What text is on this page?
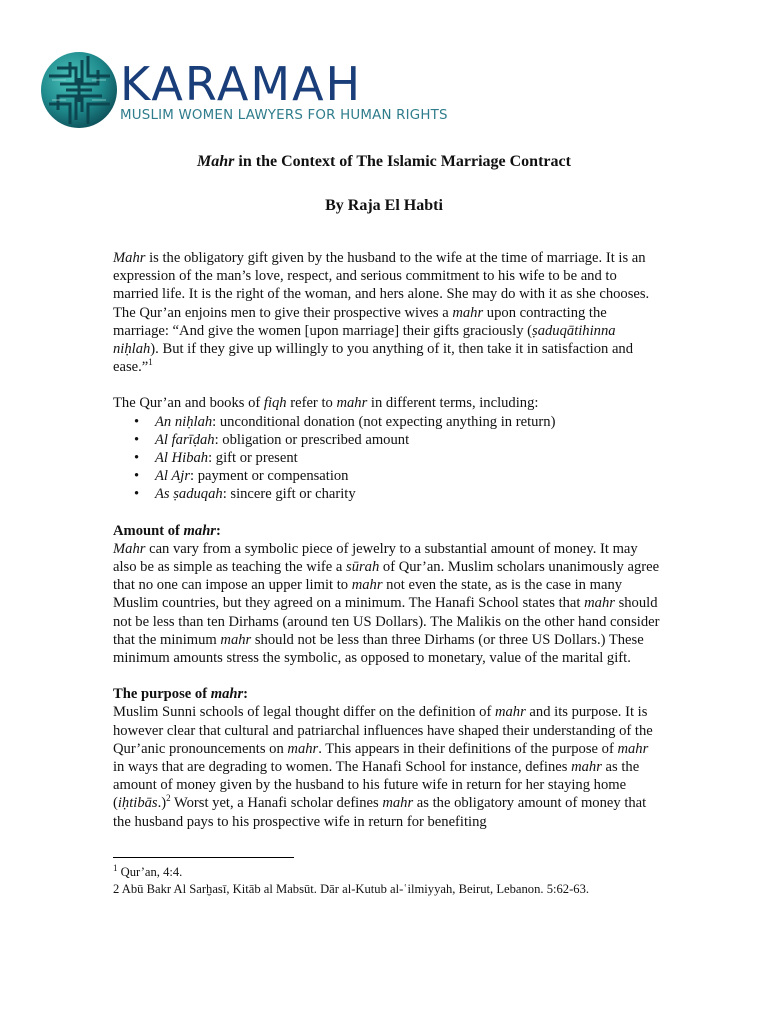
KARAMAH
MUSLIM WOMEN LAWYERS FOR HUMAN RIGHTS
Mahr in the Context of The Islamic Marriage Contract
By Raja El Habti

Mahr is the obligatory gift given by the husband to the wife at the time of marriage. It is an expression of the man’s love, respect, and serious commitment to his wife to be and to married life. It is the right of the woman, and hers alone. She may do with it as she chooses. The Qur’an enjoins men to give their prospective wives a mahr upon contracting the marriage: “And give the women [upon marriage] their gifts graciously (ṣaduqātihinna niḥlah). But if they give up willingly to you anything of it, then take it in satisfaction and ease.”$^1$

The Qur’an and books of fiqh refer to mahr in different terms, including:

• An niḥlah: unconditional donation (not expecting anything in return)
• Al farīḍah: obligation or prescribed amount
• Al Hibah: gift or present
• Al Ajr: payment or compensation
• As ṣaduqah: sincere gift or charity
Amount of mahr:

Mahr can vary from a symbolic piece of jewelry to a substantial amount of money. It may also be as simple as teaching the wife a sūrah of Qur’an. Muslim scholars unanimously agree that no one can impose an upper limit to mahr not even the state, as is the case in many Muslim countries, but they agreed on a minimum. The Hanafi School states that mahr should not be less than ten Dirhams (around ten US Dollars). The Malikis on the other hand consider that the minimum mahr should not be less than three Dirhams (or three US Dollars.) These minimum amounts stress the symbolic, as opposed to monetary, value of the marital gift.

The purpose of mahr:

Muslim Sunni schools of legal thought differ on the definition of mahr and its purpose. It is however clear that cultural and patriarchal influences have shaped their understanding of the Qur’anic pronouncements on mahr. This appears in their definitions of the purpose of mahr in ways that are degrading to women. The Hanafi School for instance, defines mahr as the amount of money given by the husband to his future wife in return for her staying home (iḥtibās.)$^2$ Worst yet, a Hanafi scholar defines mahr as the obligatory amount of money that the husband pays to his prospective wife in return for benefiting

$^1$ Qur’an, 4:4.
2 Abū Bakr Al Sarḫasī, Kitāb al Mabsūt. Dār al-Kutub al-ʿilmiyyah, Beirut, Lebanon. 5:62-63.
